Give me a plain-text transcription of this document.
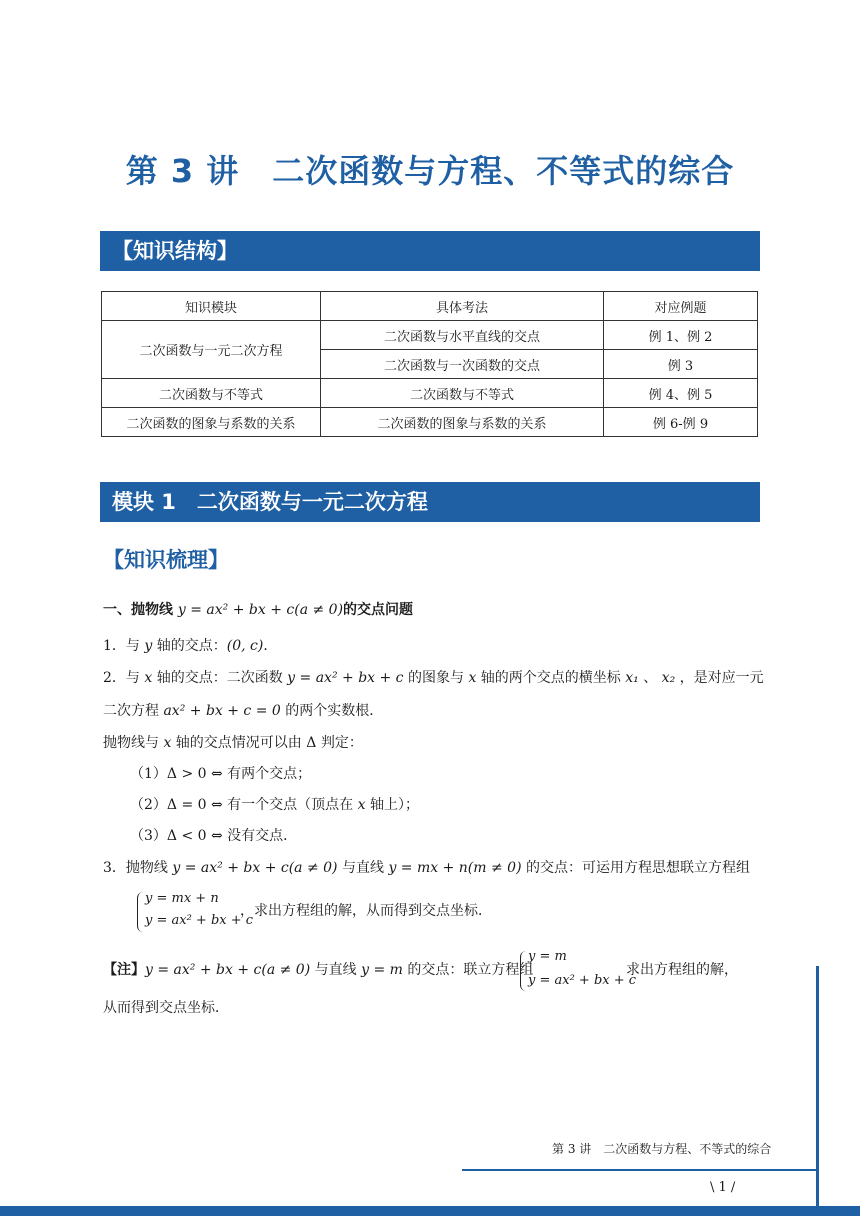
第 3 讲　二次函数与方程、不等式的综合
【知识结构】
知识模块	具体考法	对应例题
二次函数与一元二次方程	二次函数与水平直线的交点	例 1、例 2
	二次函数与一次函数的交点	例 3
二次函数与不等式	二次函数与不等式	例 4、例 5
二次函数的图象与系数的关系	二次函数的图象与系数的关系	例 6-例 9
模块 1　二次函数与一元二次方程
【知识梳理】
一、抛物线 y = ax² + bx + c(a ≠ 0)的交点问题
1．与 y 轴的交点：(0, c)．
2．与 x 轴的交点：二次函数 y = ax² + bx + c 的图象与 x 轴的两个交点的横坐标 x₁ 、 x₂ ，是对应一元
二次方程 ax² + bx + c = 0 的两个实数根．
抛物线与 x 轴的交点情况可以由 Δ 判定：
（1）Δ > 0 ⇔ 有两个交点；
（2）Δ = 0 ⇔ 有一个交点（顶点在 x 轴上）；
（3）Δ < 0 ⇔ 没有交点．
3．抛物线 y = ax² + bx + c(a ≠ 0) 与直线 y = mx + n(m ≠ 0) 的交点：可运用方程思想联立方程组
y = mx + n
y = ax² + bx + c
，求出方程组的解，从而得到交点坐标．
【注】y = ax² + bx + c(a ≠ 0) 与直线 y = m 的交点：联立方程组
y = m
y = ax² + bx + c
求出方程组的解，
从而得到交点坐标．
第 3 讲　二次函数与方程、不等式的综合
\ 1 /
